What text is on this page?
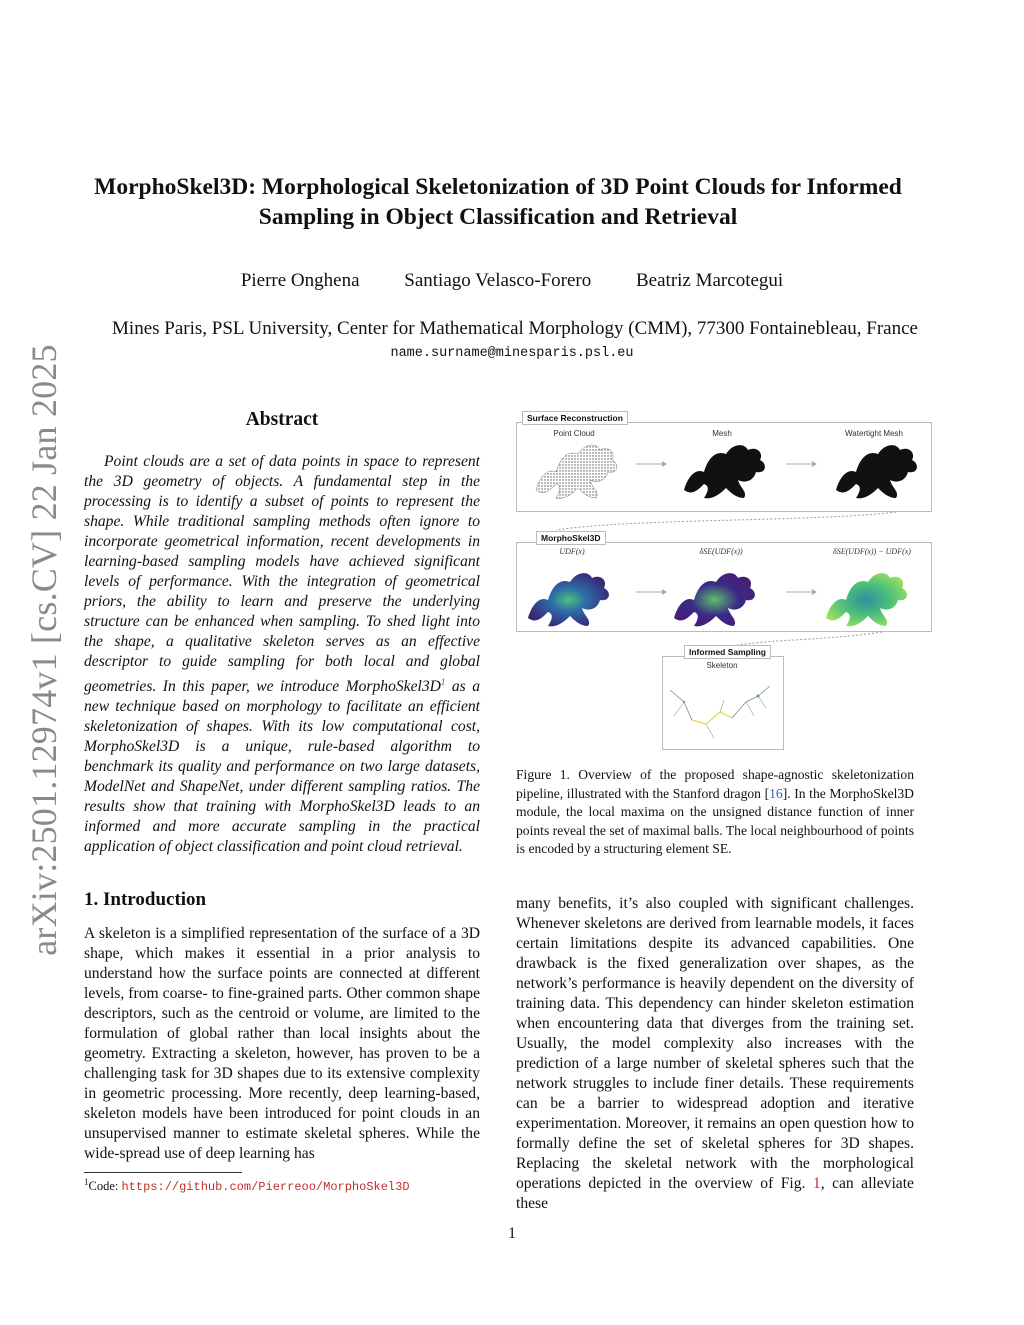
MorphoSkel3D: Morphological Skeletonization of 3D Point Clouds for Informed
Sampling in Object Classification and Retrieval
Pierre Onghena Santiago Velasco-Forero Beatriz Marcotegui
Mines Paris, PSL University, Center for Mathematical Morphology (CMM), 77300 Fontainebleau, France
name.surname@minesparis.psl.eu
arXiv:2501.12974v1 [cs.CV] 22 Jan 2025	Abstract

Point clouds are a set of data points in space to represent the 3D geometry of objects. A fundamental step in the processing is to identify a subset of points to represent the shape. While traditional sampling methods often ignore to incorporate geometrical information, recent developments in learning-based sampling models have achieved significant levels of performance. With the integration of geometrical priors, the ability to learn and preserve the underlying structure can be enhanced when sampling. To shed light into the shape, a qualitative skeleton serves as an effective descriptor to guide sampling for both local and global geometries. In this paper, we introduce $MorphoSkel3D^1$ as a new technique based on morphology to facilitate an efficient skeletonization of shapes. With its low computational cost, MorphoSkel3D is a unique, rule-based algorithm to benchmark its quality and performance on two large datasets, ModelNet and ShapeNet, under different sampling ratios. The results show that training with MorphoSkel3D leads to an informed and more accurate sampling in the practical application of object classification and point cloud retrieval.

1. Introduction

A skeleton is a simplified representation of the surface of a 3D shape, which makes it essential in a prior analysis to understand how the surface points are connected at different levels, from coarse- to fine-grained parts. Other common shape descriptors, such as the centroid or volume, are limited to the formulation of global rather than local insights about the geometry. Extracting a skeleton, however, has proven to be a challenging task for 3D shapes due to its extensive complexity in geometric processing. More recently, deep learning-based, skeleton models have been introduced for point clouds in an unsupervised manner to estimate skeletal spheres. While the wide-spread use of deep learning has

$^1$Code: https://github.com/Pierreoo/MorphoSkel3D

many benefits, it’s also coupled with significant challenges. Whenever skeletons are derived from learnable models, it faces certain limitations despite its advanced capabilities. One drawback is the fixed generalization over shapes, as the network’s performance is heavily dependent on the diversity of training data. This dependency can hinder skeleton estimation when encountering data that diverges from the training set. Usually, the model complexity also increases with the prediction of a large number of skeletal spheres such that the network struggles to include finer details. These requirements can be a barrier to widespread adoption and iterative experimentation. Moreover, it remains an open question how to formally define the set of skeletal spheres for 3D shapes. Replacing the skeletal network with the morphological operations depicted in the overview of Fig. 1, can alleviate these

Surface Reconstruction
Point Cloud	Mesh	Watertight Mesh
MorphoSkel3D
UDF(x)	δSE(UDF(x))	δSE(UDF(x)) − UDF(x)
Informed Sampling
Skeleton

Figure 1. Overview of the proposed shape-agnostic skeletonization pipeline, illustrated with the Stanford dragon [16]. In the MorphoSkel3D module, the local maxima on the unsigned distance function of inner points reveal the set of maximal balls. The local neighbourhood of points is encoded by a structuring element SE.

1
